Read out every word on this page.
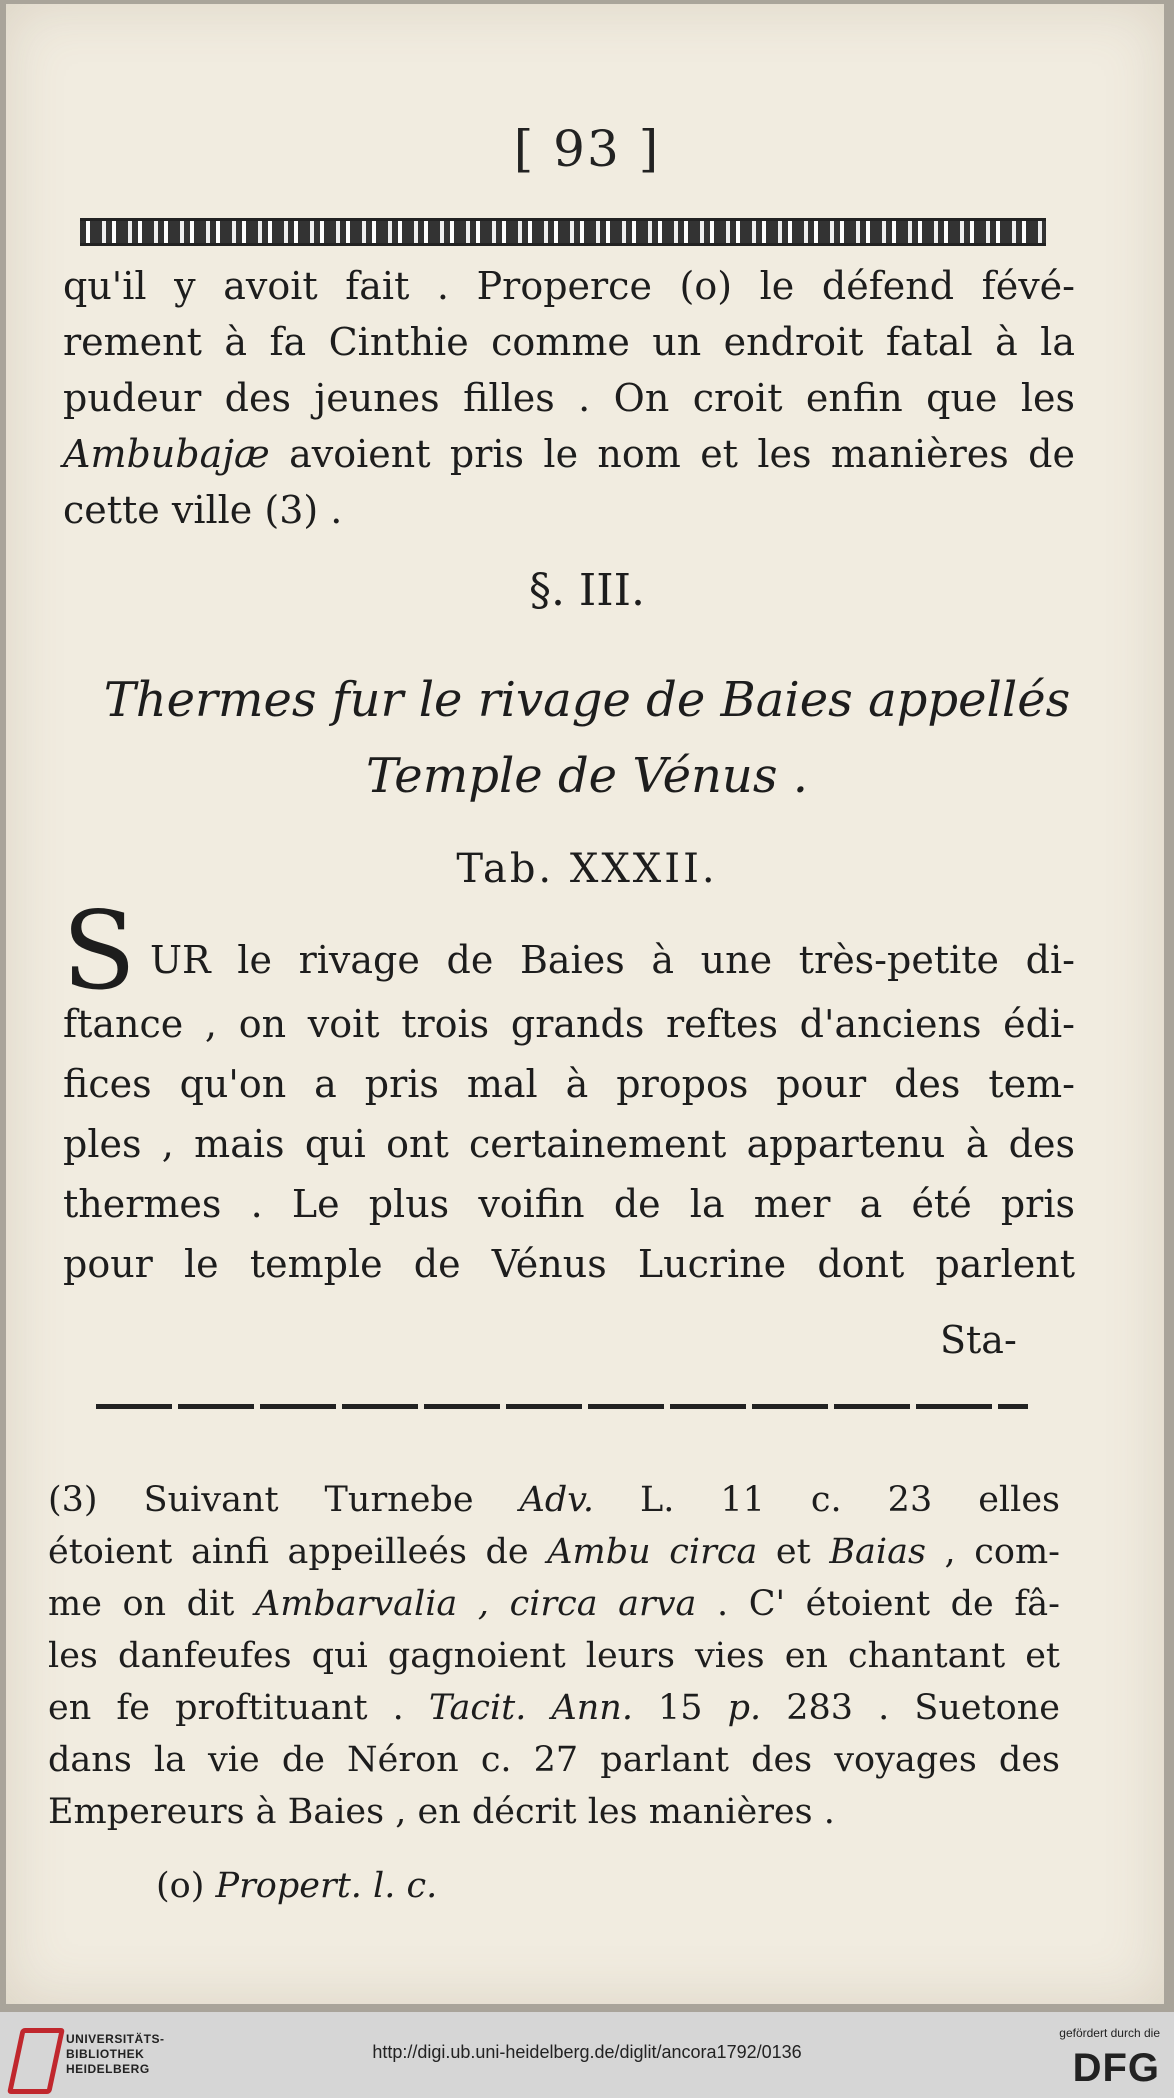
[ 93 ]
qu'il y avoit fait . Properce (o) le défend févé-
rement à fa Cinthie comme un endroit fatal à la
pudeur des jeunes filles . On croit enfin que les
Ambubajæ avoient pris le nom et les manières de
cette ville (3) .
§. III.
Thermes fur le rivage de Baies appellés
Temple de Vénus .
Tab. XXXII.
S UR le rivage de Baies à une très-petite di-
ftance , on voit trois grands reftes d'anciens édi-
fices qu'on a pris mal à propos pour des tem-
ples , mais qui ont certainement appartenu à des
thermes . Le plus voifin de la mer a été pris
pour le temple de Vénus Lucrine dont parlent
Sta-
(3) Suivant Turnebe Adv. L. 11 c. 23 elles
étoient ainfi appeilleés de Ambu circa et Baias , com-
me on dit Ambarvalia , circa arva . C' étoient de fâ-
les danfeufes qui gagnoient leurs vies en chantant et
en fe proftituant . Tacit. Ann. 15 p. 283 . Suetone
dans la vie de Néron c. 27 parlant des voyages des
Empereurs à Baies , en décrit les manières .
(o) Propert. l. c.
UNIVERSITÄTS-
BIBLIOTHEK
HEIDELBERG
http://digi.ub.uni-heidelberg.de/diglit/ancora1792/0136
gefördert durch die
DFG
